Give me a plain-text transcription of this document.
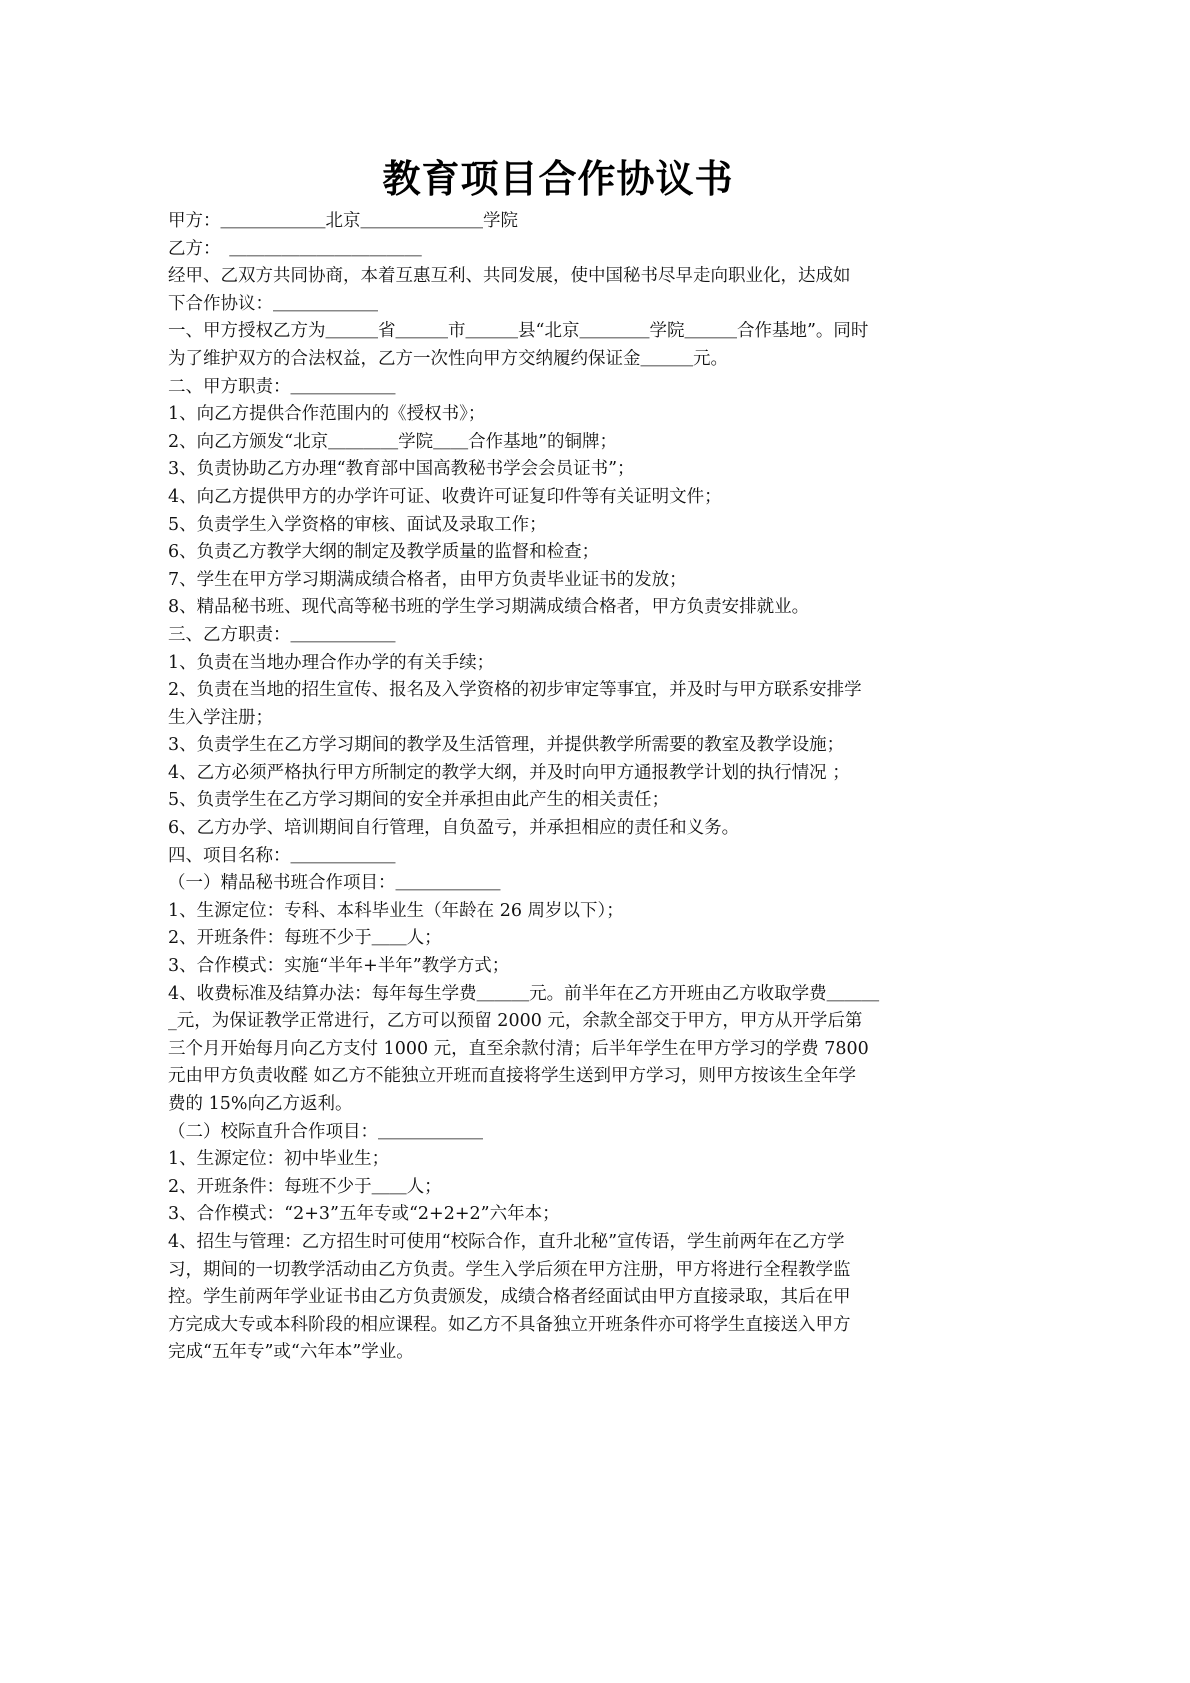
教育项目合作协议书
甲方：＿＿＿＿＿＿北京＿＿＿＿＿＿＿学院
乙方：　＿＿＿＿＿＿＿＿＿＿＿
经甲、乙双方共同协商，本着互惠互利、共同发展，使中国秘书尽早走向职业化，达成如
下合作协议：＿＿＿＿＿＿
一、甲方授权乙方为＿＿＿省＿＿＿市＿＿＿县“北京＿＿＿＿学院＿＿＿合作基地”。同时
为了维护双方的合法权益，乙方一次性向甲方交纳履约保证金＿＿＿元。
二、甲方职责：＿＿＿＿＿＿
1、向乙方提供合作范围内的《授权书》；
2、向乙方颁发“北京＿＿＿＿学院＿＿合作基地”的铜牌；
3、负责协助乙方办理“教育部中国高教秘书学会会员证书”；
4、向乙方提供甲方的办学许可证、收费许可证复印件等有关证明文件；
5、负责学生入学资格的审核、面试及录取工作；
6、负责乙方教学大纲的制定及教学质量的监督和检查；
7、学生在甲方学习期满成绩合格者，由甲方负责毕业证书的发放；
8、精品秘书班、现代高等秘书班的学生学习期满成绩合格者，甲方负责安排就业。
三、乙方职责：＿＿＿＿＿＿
1、负责在当地办理合作办学的有关手续；
2、负责在当地的招生宣传、报名及入学资格的初步审定等事宜，并及时与甲方联系安排学
生入学注册；
3、负责学生在乙方学习期间的教学及生活管理，并提供教学所需要的教室及教学设施；
4、乙方必须严格执行甲方所制定的教学大纲，并及时向甲方通报教学计划的执行情况 ；
5、负责学生在乙方学习期间的安全并承担由此产生的相关责任；
6、乙方办学、培训期间自行管理，自负盈亏，并承担相应的责任和义务。
四、项目名称：＿＿＿＿＿＿
（一）精品秘书班合作项目：＿＿＿＿＿＿
1、生源定位：专科、本科毕业生（年龄在 26 周岁以下）；
2、开班条件：每班不少于＿＿人；
3、合作模式：实施“半年+半年”教学方式；
4、收费标准及结算办法：每年每生学费＿＿＿元。前半年在乙方开班由乙方收取学费＿＿＿
_元，为保证教学正常进行，乙方可以预留 2000 元，余款全部交于甲方，甲方从开学后第
三个月开始每月向乙方支付 1000 元，直至余款付清；后半年学生在甲方学习的学费 7800
元由甲方负责收醛 如乙方不能独立开班而直接将学生送到甲方学习，则甲方按该生全年学
费的 15%向乙方返利。
（二）校际直升合作项目：＿＿＿＿＿＿
1、生源定位：初中毕业生；
2、开班条件：每班不少于＿＿人；
3、合作模式：“2+3”五年专或“2+2+2”六年本；
4、招生与管理：乙方招生时可使用“校际合作，直升北秘”宣传语，学生前两年在乙方学
习，期间的一切教学活动由乙方负责。学生入学后须在甲方注册，甲方将进行全程教学监
控。学生前两年学业证书由乙方负责颁发，成绩合格者经面试由甲方直接录取，其后在甲
方完成大专或本科阶段的相应课程。如乙方不具备独立开班条件亦可将学生直接送入甲方
完成“五年专”或“六年本”学业。
